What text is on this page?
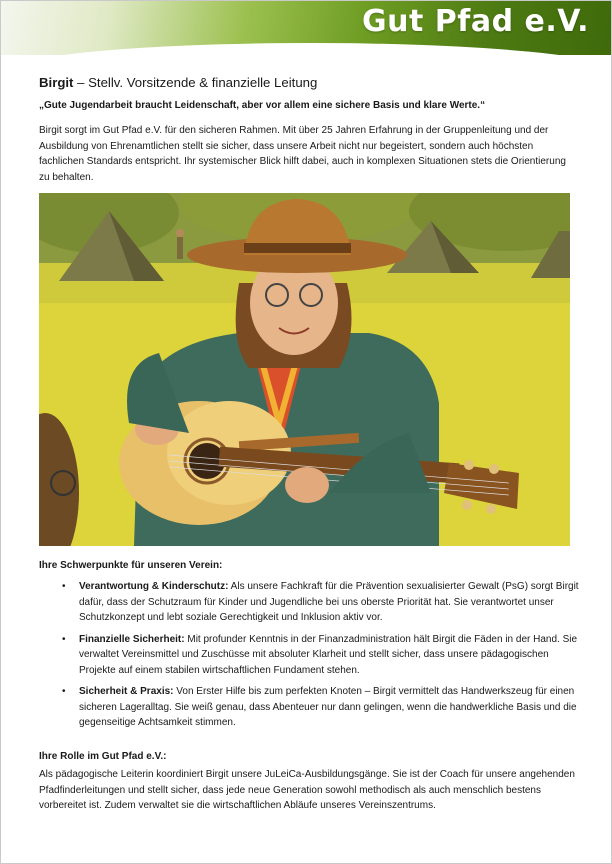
Gut Pfad e.V.
Birgit – Stellv. Vorsitzende & finanzielle Leitung
„Gute Jugendarbeit braucht Leidenschaft, aber vor allem eine sichere Basis und klare Werte.“
Birgit sorgt im Gut Pfad e.V. für den sicheren Rahmen. Mit über 25 Jahren Erfahrung in der Gruppenleitung und der Ausbildung von Ehrenamtlichen stellt sie sicher, dass unsere Arbeit nicht nur begeistert, sondern auch höchsten fachlichen Standards entspricht. Ihr systemischer Blick hilft dabei, auch in komplexen Situationen stets die Orientierung zu behalten.
Ihre Schwerpunkte für unseren Verein:
• Verantwortung & Kinderschutz: Als unsere Fachkraft für die Prävention sexualisierter Gewalt (PsG) sorgt Birgit dafür, dass der Schutzraum für Kinder und Jugendliche bei uns oberste Priorität hat. Sie verantwortet unser Schutzkonzept und lebt soziale Gerechtigkeit und Inklusion aktiv vor.
• Finanzielle Sicherheit: Mit profunder Kenntnis in der Finanzadministration hält Birgit die Fäden in der Hand. Sie verwaltet Vereinsmittel und Zuschüsse mit absoluter Klarheit und stellt sicher, dass unsere pädagogischen Projekte auf einem stabilen wirtschaftlichen Fundament stehen.
• Sicherheit & Praxis: Von Erster Hilfe bis zum perfekten Knoten – Birgit vermittelt das Handwerkszeug für einen sicheren Lageralltag. Sie weiß genau, dass Abenteuer nur dann gelingen, wenn die handwerkliche Basis und die gegenseitige Achtsamkeit stimmen.
Ihre Rolle im Gut Pfad e.V.:
Als pädagogische Leiterin koordiniert Birgit unsere JuLeiCa-Ausbildungsgänge. Sie ist der Coach für unsere angehenden Pfadfinderleitungen und stellt sicher, dass jede neue Generation sowohl methodisch als auch menschlich bestens vorbereitet ist. Zudem verwaltet sie die wirtschaftlichen Abläufe unseres Vereinszentrums.
